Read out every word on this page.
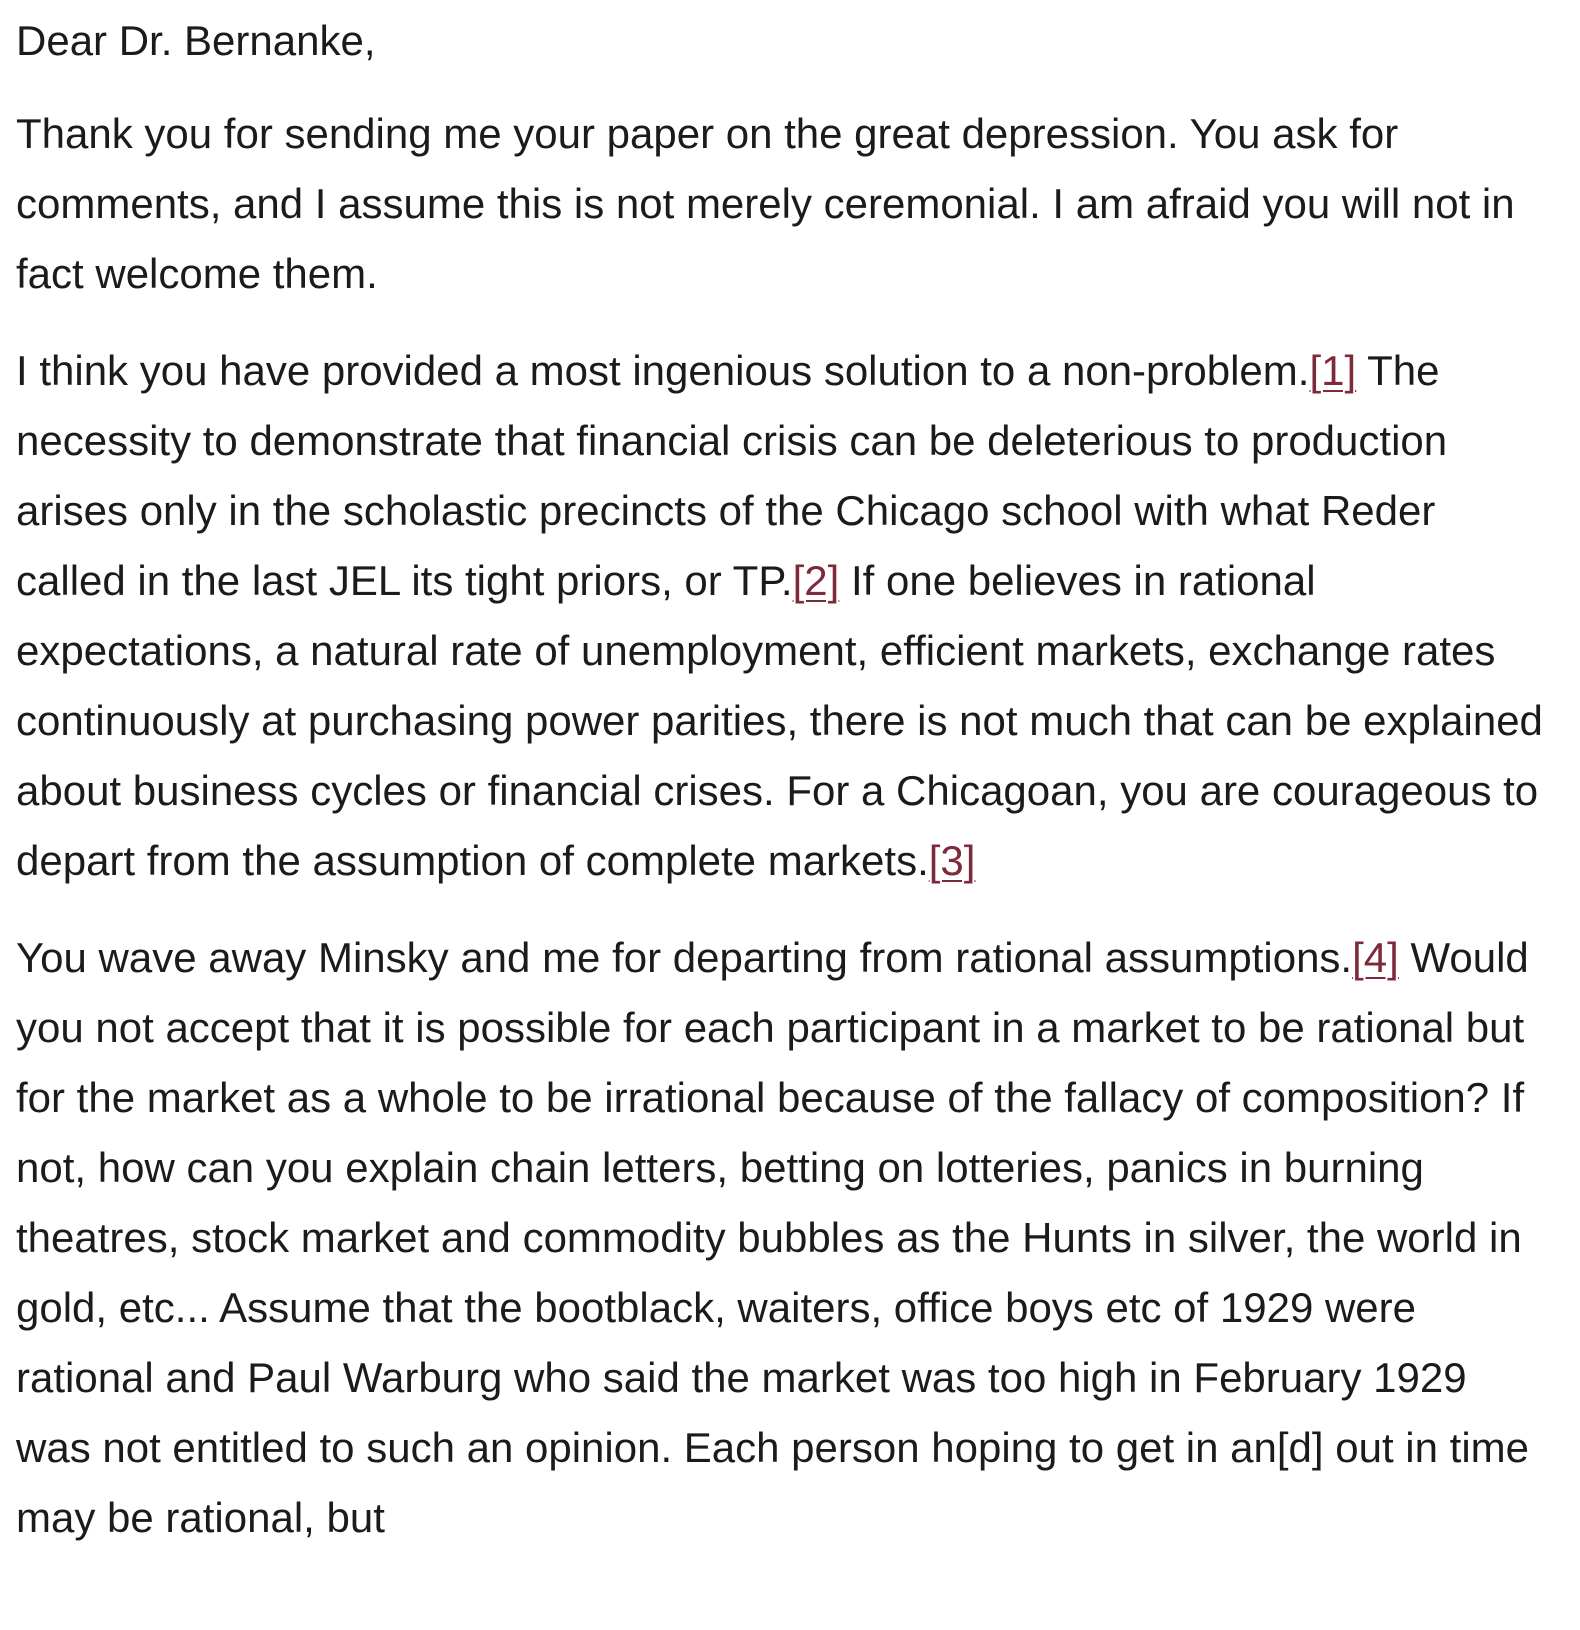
Dear Dr. Bernanke,

Thank you for sending me your paper on the great depression. You ask for comments, and I assume this is not merely ceremonial. I am afraid you will not in fact welcome them.

I think you have provided a most ingenious solution to a non-problem.[1] The necessity to demonstrate that financial crisis can be deleterious to production arises only in the scholastic precincts of the Chicago school with what Reder called in the last JEL its tight priors, or TP.[2] If one believes in rational expectations, a natural rate of unemployment, efficient markets, exchange rates continuously at purchasing power parities, there is not much that can be explained about business cycles or financial crises. For a Chicagoan, you are courageous to depart from the assumption of complete markets.[3]

You wave away Minsky and me for departing from rational assumptions.[4] Would you not accept that it is possible for each participant in a market to be rational but for the market as a whole to be irrational because of the fallacy of composition? If not, how can you explain chain letters, betting on lotteries, panics in burning theatres, stock market and commodity bubbles as the Hunts in silver, the world in gold, etc... Assume that the bootblack, waiters, office boys etc of 1929 were rational and Paul Warburg who said the market was too high in February 1929 was not entitled to such an opinion. Each person hoping to get in an[d] out in time may be rational, but
